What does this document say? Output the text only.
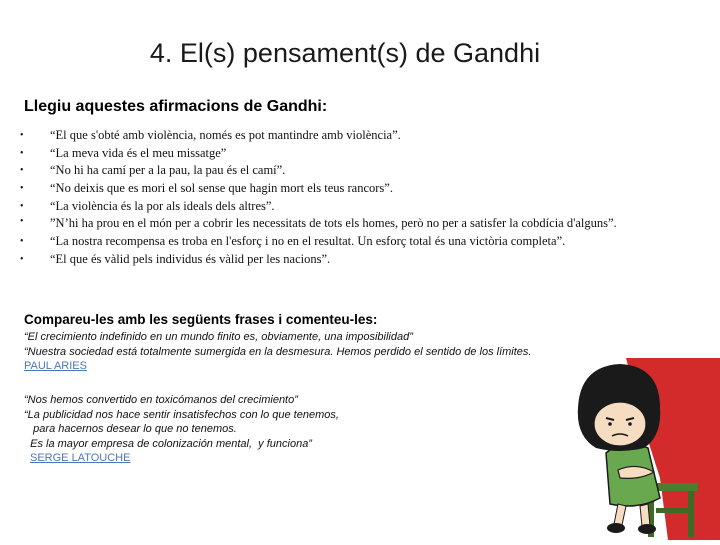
4. El(s) pensament(s) de Gandhi
Llegiu aquestes afirmacions de Gandhi:
• “El que s'obté amb violència, només es pot mantindre amb violència”.
• “La meva vida és el meu missatge”
• “No hi ha camí per a la pau, la pau és el camí”.
• “No deixis que es mori el sol sense que hagin mort els teus rancors”.
• “La violència és la por als ideals dels altres”.
• ”N’hi ha prou en el món per a cobrir les necessitats de tots els homes, però no per a satisfer la cobdícia d'alguns”.
• “La nostra recompensa es troba en l'esforç i no en el resultat. Un esforç total és una victòria completa”.
• “El que és vàlid pels individus és vàlid per les nacions”.
Compareu-les amb les següents frases i comenteu-les:
“El crecimiento indefinido en un mundo finito es, obviamente, una imposibilidad”
“Nuestra sociedad está totalmente sumergida en la desmesura. Hemos perdido el sentido de los límites.
PAUL ARIES
“Nos hemos convertido en toxicómanos del crecimiento”
“La publicidad nos hace sentir insatisfechos con lo que tenemos,
para hacernos desear lo que no tenemos.
Es la mayor empresa de colonización mental,  y funciona”
SERGE LATOUCHE
